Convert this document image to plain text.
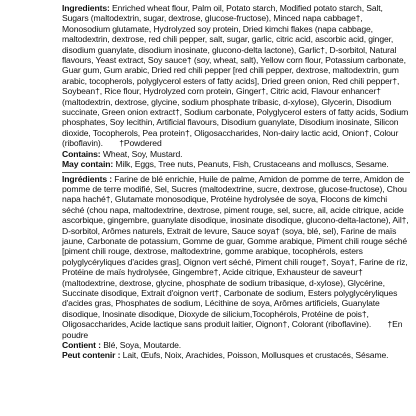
Ingredients: Enriched wheat flour, Palm oil, Potato starch, Modified potato starch, Salt, Sugars (maltodextrin, sugar, dextrose, glucose-fructose), Minced napa cabbage†, Monosodium glutamate, Hydrolyzed soy protein, Dried kimchi flakes (napa cabbage, maltodextrin, dextrose, red chili pepper, salt, sugar, garlic, citric acid, ascorbic acid, ginger, disodium guanylate, disodium inosinate, glucono-delta lactone), Garlic†, D-sorbitol, Natural flavours, Yeast extract, Soy sauce† (soy, wheat, salt), Yellow corn flour, Potassium carbonate, Guar gum, Gum arabic, Dried red chili pepper [red chili pepper, dextrose, maltodextrin, gum arabic, tocopherols, polyglycerol esters of fatty acids], Dried green onion, Red chili pepper†, Soybean†, Rice flour, Hydrolyzed corn protein, Ginger†, Citric acid, Flavour enhancer† (maltodextrin, dextrose, glycine, sodium phosphate tribasic, d-xylose), Glycerin, Disodium succinate, Green onion extract†, Sodium carbonate, Polyglycerol esters of fatty acids, Sodium phosphates, Soy lecithin, Artificial flavours, Disodium guanylate, Disodium inosinate, Silicon dioxide, Tocopherols, Pea protein†, Oligosaccharides, Non-dairy lactic acid, Onion†, Colour (riboflavin). †Powdered

Contains: Wheat, Soy, Mustard.

May contain: Milk, Eggs, Tree nuts, Peanuts, Fish, Crustaceans and molluscs, Sesame.

Ingrédients : Farine de blé enrichie, Huile de palme, Amidon de pomme de terre, Amidon de pomme de terre modifié, Sel, Sucres (maltodextrine, sucre, dextrose, glucose-fructose), Chou napa haché†, Glutamate monosodique, Protéine hydrolysée de soya, Flocons de kimchi séché (chou napa, maltodextrine, dextrose, piment rouge, sel, sucre, ail, acide citrique, acide ascorbique, gingembre, guanylate disodique, inosinate disodique, glucono-delta-lactone), Ail†, D-sorbitol, Arômes naturels, Extrait de levure, Sauce soya† (soya, blé, sel), Farine de maïs jaune, Carbonate de potassium, Gomme de guar, Gomme arabique, Piment chili rouge séché [piment chili rouge, dextrose, maltodextrine, gomme arabique, tocophérols, esters polyglycéryliques d'acides gras], Oignon vert séché, Piment chili rouge†, Soya†, Farine de riz, Protéine de maïs hydrolysée, Gingembre†, Acide citrique, Exhausteur de saveur† (maltodextrine, dextrose, glycine, phosphate de sodium tribasique, d-xylose), Glycérine, Succinate disodique, Extrait d'oignon vert†, Carbonate de sodium, Esters polyglycéryliques d'acides gras, Phosphates de sodium, Lécithine de soya, Arômes artificiels, Guanylate disodique, Inosinate disodique, Dioxyde de silicium,Tocophérols, Protéine de pois†, Oligosaccharides, Acide lactique sans produit laitier, Oignon†, Colorant (riboflavine). †En poudre

Contient : Blé, Soya, Moutarde.

Peut contenir : Lait, Œufs, Noix, Arachides, Poisson, Mollusques et crustacés, Sésame.
